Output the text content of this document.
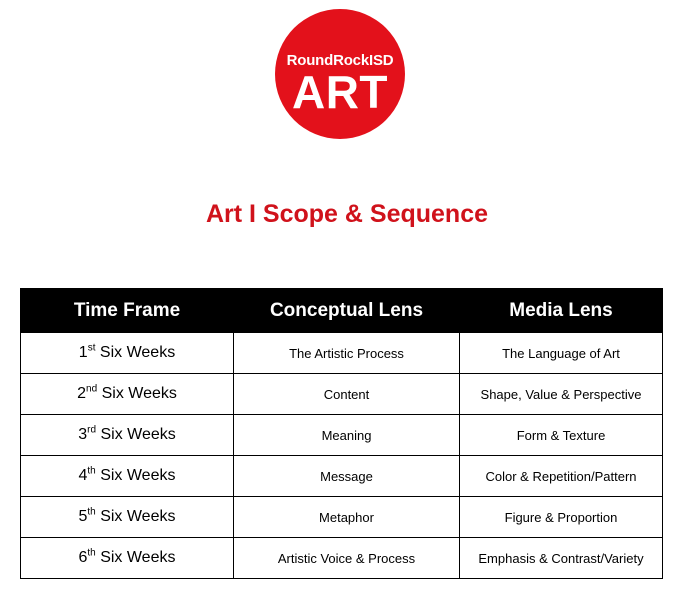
RoundRockISD
ART
Art I Scope & Sequence
Time Frame	Conceptual Lens	Media Lens
1st Six Weeks	The Artistic Process	The Language of Art
2nd Six Weeks	Content	Shape, Value & Perspective
3rd Six Weeks	Meaning	Form & Texture
4th Six Weeks	Message	Color & Repetition/Pattern
5th Six Weeks	Metaphor	Figure & Proportion
6th Six Weeks	Artistic Voice & Process	Emphasis & Contrast/Variety
